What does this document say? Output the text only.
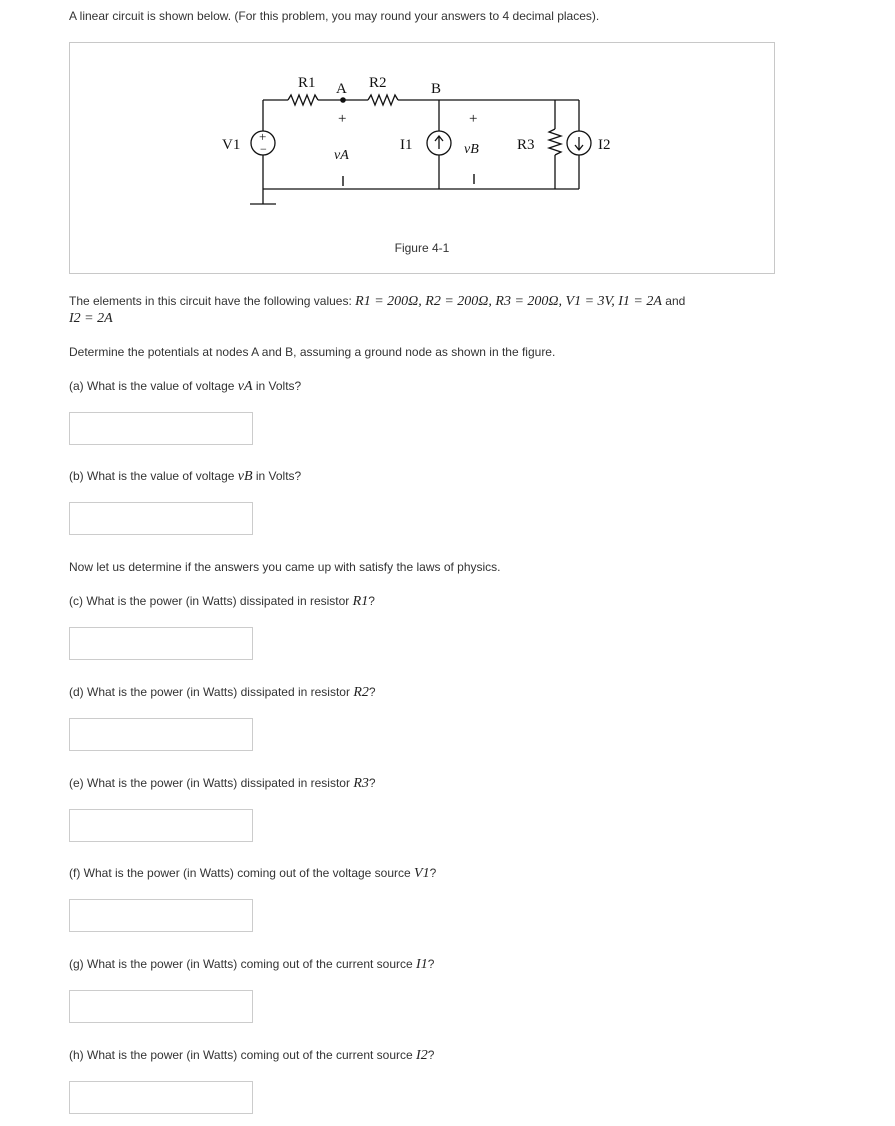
A linear circuit is shown below. (For this problem, you may round your answers to 4 decimal places).
+
−
R1 A R2	B
V1	I1	R3	I2
+
vA
+
vB
Figure 4-1
The elements in this circuit have the following values: R1 = 200Ω, R2 = 200Ω, R3 = 200Ω, V1 = 3V, I1 = 2A and
I2 = 2A
Determine the potentials at nodes A and B, assuming a ground node as shown in the figure.
(a) What is the value of voltage vA in Volts?
(b) What is the value of voltage vB in Volts?
Now let us determine if the answers you came up with satisfy the laws of physics.
(c) What is the power (in Watts) dissipated in resistor R1?
(d) What is the power (in Watts) dissipated in resistor R2?
(e) What is the power (in Watts) dissipated in resistor R3?
(f) What is the power (in Watts) coming out of the voltage source V1?
(g) What is the power (in Watts) coming out of the current source I1?
(h) What is the power (in Watts) coming out of the current source I2?
